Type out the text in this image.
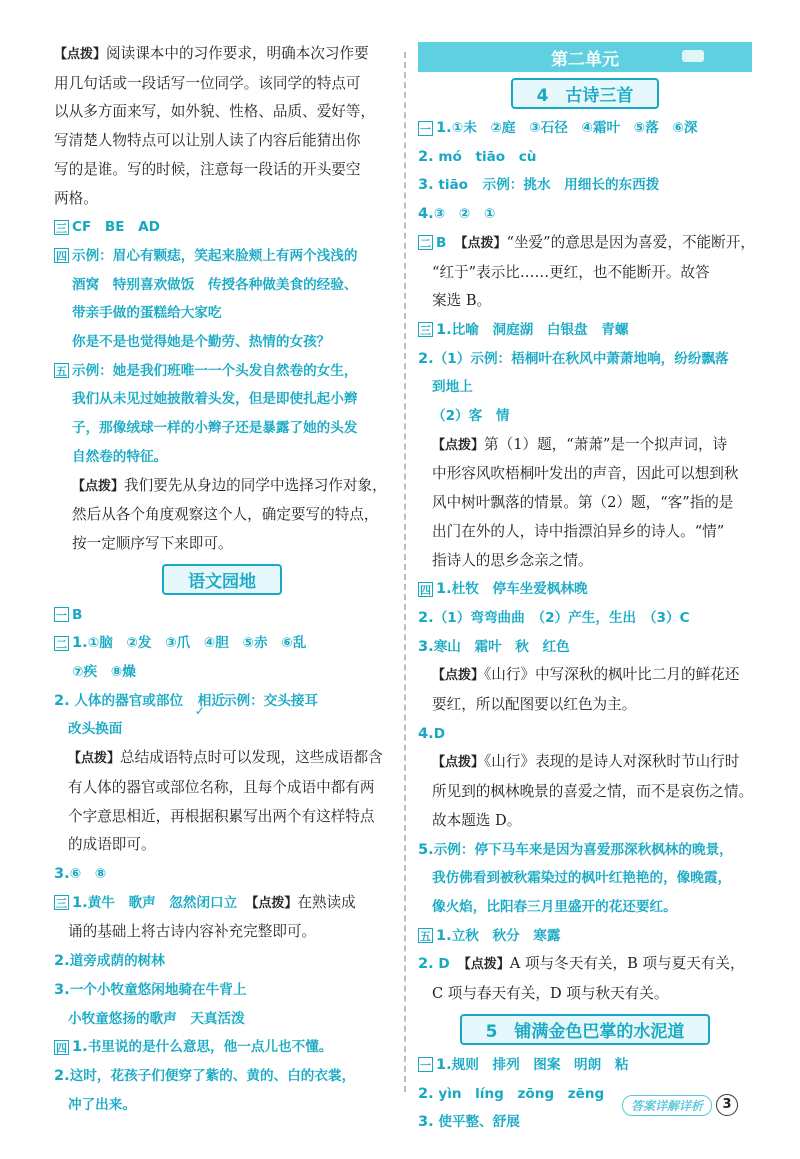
【点拨】阅读课本中的习作要求，明确本次习作要
用几句话或一段话写一位同学。该同学的特点可
以从多方面来写，如外貌、性格、品质、爱好等，
写清楚人物特点可以让别人读了内容后能猜出你
写的是谁。写的时候，注意每一段话的开头要空
两格。
三 CF　BE　AD
四 示例：眉心有颗痣，笑起来脸颊上有两个浅浅的
酒窝　特别喜欢做饭　传授各种做美食的经验、
带亲手做的蛋糕给大家吃
你是不是也觉得她是个勤劳、热情的女孩？
五 示例：她是我们班唯一一个头发自然卷的女生，
我们从未见过她披散着头发，但是即使扎起小辫
子，那像绒球一样的小辫子还是暴露了她的头发
自然卷的特征。
【点拨】我们要先从身边的同学中选择习作对象，
然后从各个角度观察这个人，确定要写的特点，
按一定顺序写下来即可。
语文园地
一 B
二 1.①脑　②发　③爪　④胆　⑤赤　⑥乱
⑦疾　⑧燥
2. 人体的器官或部位　 相近$_✓$示例：交头接耳
改头换面
【点拨】总结成语特点时可以发现，这些成语都含
有人体的器官或部位名称，且每个成语中都有两
个字意思相近，再根据积累写出两个有这样特点
的成语即可。
3.⑥　⑧
三 1.黄牛　歌声　忽然闭口立　 【点拨】在熟读成
诵的基础上将古诗内容补充完整即可。
2.道旁成荫的树林
3.一个小牧童悠闲地骑在牛背上
小牧童悠扬的歌声　天真活泼
四 1.书里说的是什么意思，他一点儿也不懂。
2.这时，花孩子们便穿了紫的、黄的、白的衣裳，
冲了出来。
第二单元
4　古诗三首
一 1.①未　②庭　③石径　④霜叶　⑤落　⑥深
2. mó　tiāo　cù
3. tiāo　 示例：挑水　用细长的东西拨
4.③　②　①
二 B　 【点拨】“坐爱”的意思是因为喜爱，不能断开，
“红于”表示比……更红，也不能断开。故答
案选 B。
三 1.比喻　洞庭湖　白银盘　青螺
2.（1）示例：梧桐叶在秋风中萧萧地响，纷纷飘落
到地上
（2）客　情
【点拨】第（1）题，“萧萧”是一个拟声词，诗
中形容风吹梧桐叶发出的声音，因此可以想到秋
风中树叶飘落的情景。第（2）题，“客”指的是
出门在外的人，诗中指漂泊异乡的诗人。“情”
指诗人的思乡念亲之情。
四 1.杜牧　停车坐爱枫林晚
2.（1）弯弯曲曲　（2）产生，生出　（3）C
3.寒山　霜叶　秋　红色
【点拨】《山行》中写深秋的枫叶比二月的鲜花还
要红，所以配图要以红色为主。
4.D
【点拨】《山行》表现的是诗人对深秋时节山行时
所见到的枫林晚景的喜爱之情，而不是哀伤之情。
故本题选 D。
5.示例：停下马车来是因为喜爱那深秋枫林的晚景，
我仿佛看到被秋霜染过的枫叶红艳艳的，像晚霞，
像火焰，比阳春三月里盛开的花还要红。
五 1.立秋　秋分　寒露
2. D　 【点拨】A 项与冬天有关，B 项与夏天有关，
C 项与春天有关，D 项与秋天有关。
5　铺满金色巴掌的水泥道
一 1.规则　排列　图案　明朗　粘
2. yìn　líng　zōng　zēng
3. 使平整、舒展
答案详解详析	3
